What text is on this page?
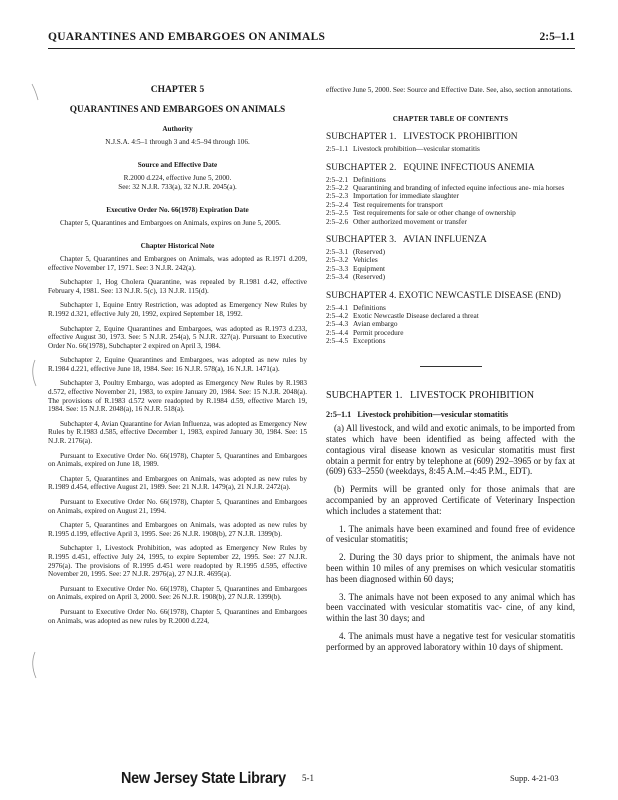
QUARANTINES AND EMBARGOES ON ANIMALS	2:5–1.1
CHAPTER 5
QUARANTINES AND EMBARGOES ON ANIMALS
Authority

N.J.S.A. 4:5–1 through 3 and 4:5–94 through 106.

Source and Effective Date

R.2000 d.224, effective June 5, 2000.

See: 32 N.J.R. 733(a), 32 N.J.R. 2045(a).

Executive Order No. 66(1978) Expiration Date

Chapter 5, Quarantines and Embargoes on Animals, expires on June 5, 2005.

Chapter Historical Note

Chapter 5, Quarantines and Embargoes on Animals, was adopted as R.1971 d.209, effective November 17, 1971. See: 3 N.J.R. 242(a).

Subchapter 1, Hog Cholera Quarantine, was repealed by R.1981 d.42, effective February 4, 1981. See: 13 N.J.R. 5(c), 13 N.J.R. 115(d).

Subchapter 1, Equine Entry Restriction, was adopted as Emergency New Rules by R.1992 d.321, effective July 20, 1992, expired September 18, 1992.

Subchapter 2, Equine Quarantines and Embargoes, was adopted as R.1973 d.233, effective August 30, 1973. See: 5 N.J.R. 254(a), 5 N.J.R. 327(a). Pursuant to Executive Order No. 66(1978), Subchapter 2 expired on April 3, 1984.

Subchapter 2, Equine Quarantines and Embargoes, was adopted as new rules by R.1984 d.221, effective June 18, 1984. See: 16 N.J.R. 578(a), 16 N.J.R. 1471(a).

Subchapter 3, Poultry Embargo, was adopted as Emergency New Rules by R.1983 d.572, effective November 21, 1983, to expire January 20, 1984. See: 15 N.J.R. 2048(a). The provisions of R.1983 d.572 were readopted by R.1984 d.59, effective March 19, 1984. See: 15 N.J.R. 2048(a), 16 N.J.R. 518(a).

Subchapter 4, Avian Quarantine for Avian Influenza, was adopted as Emergency New Rules by R.1983 d.585, effective December 1, 1983, expired January 30, 1984. See: 15 N.J.R. 2176(a).

Pursuant to Executive Order No. 66(1978), Chapter 5, Quarantines and Embargoes on Animals, expired on June 18, 1989.

Chapter 5, Quarantines and Embargoes on Animals, was adopted as new rules by R.1989 d.454, effective August 21, 1989. See: 21 N.J.R. 1479(a), 21 N.J.R. 2472(a).

Pursuant to Executive Order No. 66(1978), Chapter 5, Quarantines and Embargoes on Animals, expired on August 21, 1994.

Chapter 5, Quarantines and Embargoes on Animals, was adopted as new rules by R.1995 d.199, effective April 3, 1995. See: 26 N.J.R. 1908(b), 27 N.J.R. 1399(b).

Subchapter 1, Livestock Prohibition, was adopted as Emergency New Rules by R.1995 d.451, effective July 24, 1995, to expire September 22, 1995. See: 27 N.J.R. 2976(a). The provisions of R.1995 d.451 were readopted by R.1995 d.595, effective November 20, 1995. See: 27 N.J.R. 2976(a), 27 N.J.R. 4695(a).

Pursuant to Executive Order No. 66(1978), Chapter 5, Quarantines and Embargoes on Animals, expired on April 3, 2000. See: 26 N.J.R. 1908(b), 27 N.J.R. 1399(b).

Pursuant to Executive Order No. 66(1978), Chapter 5, Quarantines and Embargoes on Animals, was adopted as new rules by R.2000 d.224,

effective June 5, 2000. See: Source and Effective Date. See, also, section annotations.

CHAPTER TABLE OF CONTENTS
SUBCHAPTER 1.   LIVESTOCK PROHIBITION
2:5–1.1 Livestock prohibition—vesicular stomatitis
SUBCHAPTER 2.   EQUINE INFECTIOUS ANEMIA
2:5–2.1 Definitions
2:5–2.2 Quarantining and branding of infected equine infectious ane- mia horses
2:5–2.3 Importation for immediate slaughter
2:5–2.4 Test requirements for transport
2:5–2.5 Test requirements for sale or other change of ownership
2:5–2.6 Other authorized movement or transfer
SUBCHAPTER 3.   AVIAN INFLUENZA
2:5–3.1 (Reserved)
2:5–3.2 Vehicles
2:5–3.3 Equipment
2:5–3.4 (Reserved)
SUBCHAPTER 4. EXOTIC NEWCASTLE DISEASE (END)
2:5–4.1 Definitions
2:5–4.2 Exotic Newcastle Disease declared a threat
2:5–4.3 Avian embargo
2:5–4.4 Permit procedure
2:5–4.5 Exceptions
SUBCHAPTER 1.   LIVESTOCK PROHIBITION
2:5–1.1   Livestock prohibition—vesicular stomatitis

(a) All livestock, and wild and exotic animals, to be imported from states which have been identified as being affected with the contagious viral disease known as vesicular stomatitis must first obtain a permit for entry by telephone at (609) 292–3965 or by fax at (609) 633–2550 (weekdays, 8:45 A.M.–4:45 P.M., EDT).

(b) Permits will be granted only for those animals that are accompanied by an approved Certificate of Veterinary Inspection which includes a statement that:

1. The animals have been examined and found free of evidence of vesicular stomatitis;

2. During the 30 days prior to shipment, the animals have not been within 10 miles of any premises on which vesicular stomatitis has been diagnosed within 60 days;

3. The animals have not been exposed to any animal which has been vaccinated with vesicular stomatitis vac- cine, of any kind, within the last 30 days; and

4. The animals must have a negative test for vesicular stomatitis performed by an approved laboratory within 10 days of shipment.

New Jersey State Library 5-1	Supp. 4-21-03
